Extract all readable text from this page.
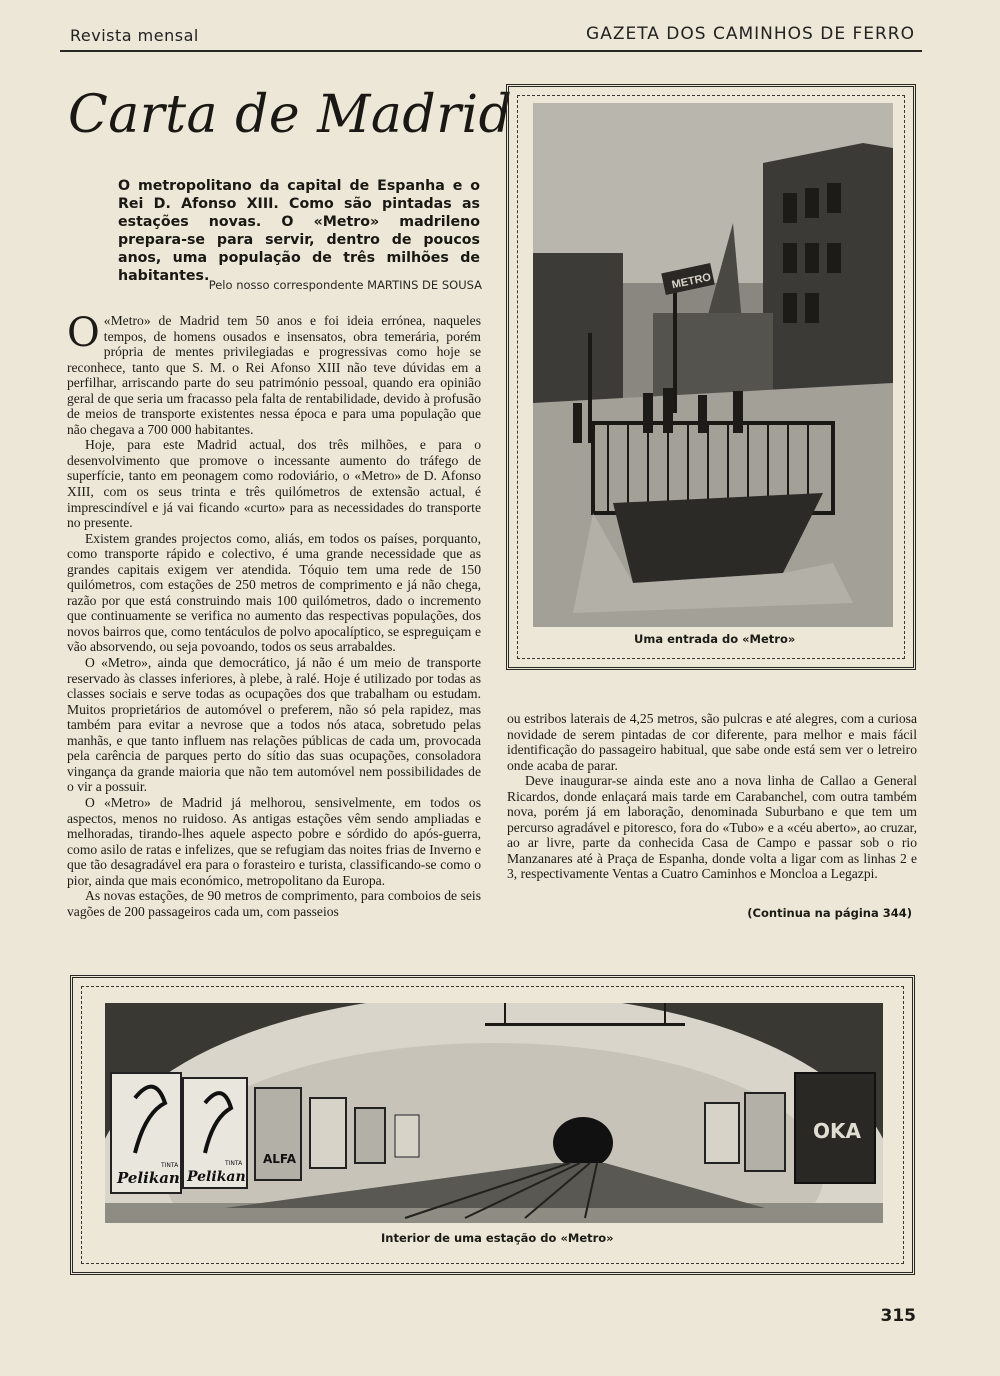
Revista mensal	GAZETA DOS CAMINHOS DE FERRO
Carta de Madrid
O metropolitano da capital de Espanha e o Rei D. Afonso XIII. Como são pintadas as estações novas. O «Metro» madrileno prepara-se para servir, dentro de poucos anos, uma população de três milhões de habitantes.
Pelo nosso correspondente MARTINS DE SOUSA

O «Metro» de Madrid tem 50 anos e foi ideia errónea, naqueles tempos, de homens ousados e insensatos, obra temerária, porém própria de mentes privilegiadas e progressivas como hoje se reconhece, tanto que S. M. o Rei Afonso XIII não teve dúvidas em a perfilhar, arriscando parte do seu património pessoal, quando era opinião geral de que seria um fracasso pela falta de rentabilidade, devido à profusão de meios de transporte existentes nessa época e para uma população que não chegava a 700 000 habitantes.

Hoje, para este Madrid actual, dos três milhões, e para o desenvolvimento que promove o incessante aumento do tráfego de superfície, tanto em peonagem como rodoviário, o «Metro» de D. Afonso XIII, com os seus trinta e três quilómetros de extensão actual, é imprescindível e já vai ficando «curto» para as necessidades do transporte no presente.

Existem grandes projectos como, aliás, em todos os países, porquanto, como transporte rápido e colectivo, é uma grande necessidade que as grandes capitais exigem ver atendida. Tóquio tem uma rede de 150 quilómetros, com estações de 250 metros de comprimento e já não chega, razão por que está construindo mais 100 quilómetros, dado o incremento que continuamente se verifica no aumento das respectivas populações, dos novos bairros que, como tentáculos de polvo apocalíptico, se espreguiçam e vão absorvendo, ou seja povoando, todos os seus arrabaldes.

O «Metro», ainda que democrático, já não é um meio de transporte reservado às classes inferiores, à plebe, à ralé. Hoje é utilizado por todas as classes sociais e serve todas as ocupações dos que trabalham ou estudam. Muitos proprietários de automóvel o preferem, não só pela rapidez, mas também para evitar a nevrose que a todos nós ataca, sobretudo pelas manhãs, e que tanto influem nas relações públicas de cada um, provocada pela carência de parques perto do sítio das suas ocupações, consoladora vingança da grande maioria que não tem automóvel nem possibilidades de o vir a possuir.

O «Metro» de Madrid já melhorou, sensivelmente, em todos os aspectos, menos no ruidoso. As antigas estações vêm sendo ampliadas e melhoradas, tirando-lhes aquele aspecto pobre e sórdido do após-guerra, como asilo de ratas e infelizes, que se refugiam das noites frias de Inverno e que tão desagradável era para o forasteiro e turista, classificando-se como o pior, ainda que mais económico, metropolitano da Europa.

As novas estações, de 90 metros de comprimento, para comboios de seis vagões de 200 passageiros cada um, com passeios

METRO
Uma entrada do «Metro»

ou estribos laterais de 4,25 metros, são pulcras e até alegres, com a curiosa novidade de serem pintadas de cor diferente, para melhor e mais fácil identificação do passageiro habitual, que sabe onde está sem ver o letreiro onde acaba de parar.

Deve inaugurar-se ainda este ano a nova linha de Callao a General Ricardos, donde enlaçará mais tarde em Carabanchel, com outra também nova, porém já em laboração, denominada Suburbano e que tem um percurso agradável e pitoresco, fora do «Tubo» e a «céu aberto», ao cruzar, ao ar livre, parte da conhecida Casa de Campo e passar sob o rio Manzanares até à Praça de Espanha, donde volta a ligar com as linhas 2 e 3, respectivamente Ventas a Cuatro Caminhos e Moncloa a Legazpi.

(Continua na página 344)
Pelikan
TINTA
Pelikan
TINTA ALFA
OKA
Interior de uma estação do «Metro»
315
